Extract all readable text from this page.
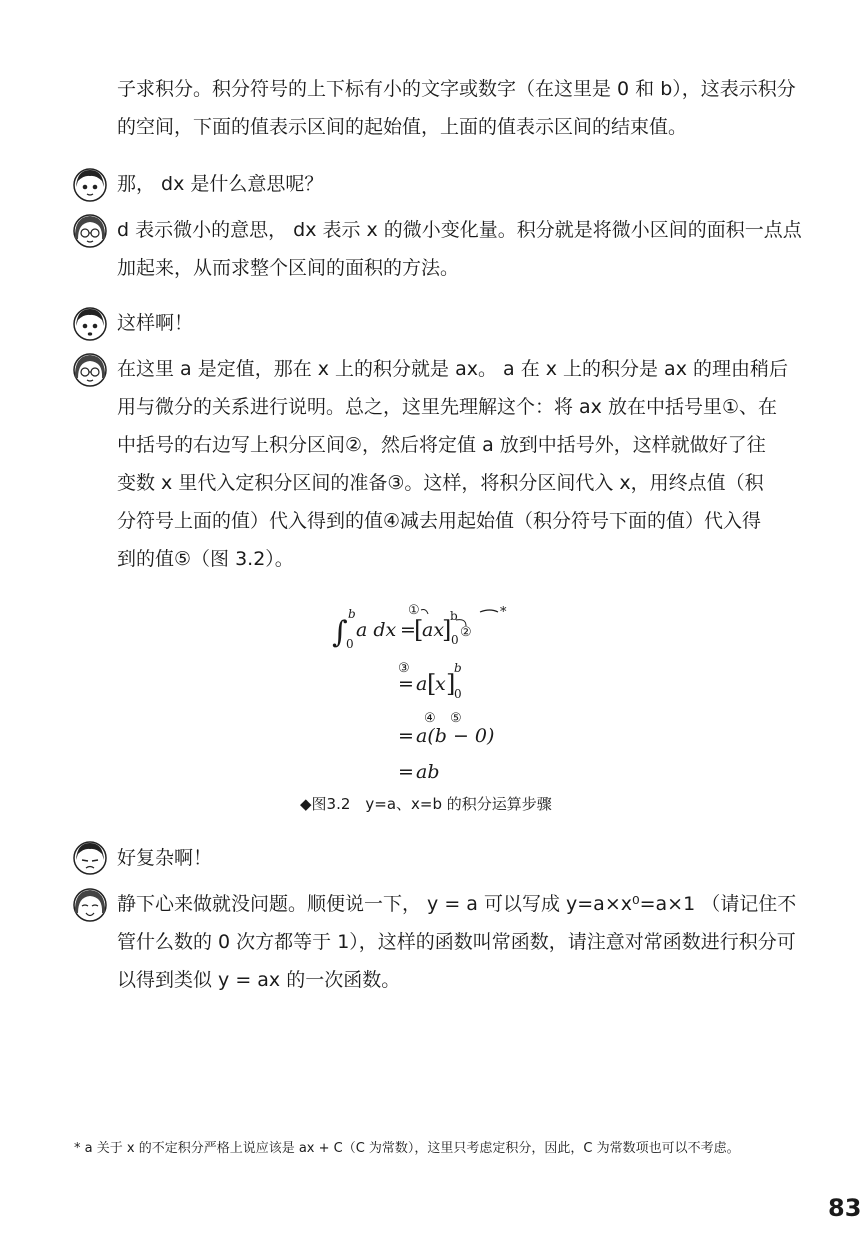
子求积分。积分符号的上下标有小的文字或数字（在这里是 0 和 b），这表示积分

的空间，下面的值表示区间的起始值，上面的值表示区间的结束值。

那， dx 是什么意思呢？

d 表示微小的意思， dx 表示 x 的微小变化量。积分就是将微小区间的面积一点点

加起来，从而求整个区间的面积的方法。

这样啊！

在这里 a 是定值，那在 x 上的积分就是 ax。 a 在 x 上的积分是 ax 的理由稍后

用与微分的关系进行说明。总之，这里先理解这个：将 ax 放在中括号里①、在

中括号的右边写上积分区间②，然后将定值 a 放到中括号外，这样就做好了往

变数 x 里代入定积分区间的准备③。这样，将积分区间代入 x，用终点值（积

分符号上面的值）代入得到的值④减去用起始值（积分符号下面的值）代入得

到的值⑤（图 3.2）。

∫
b
0
a dx =
[
ax
]
b
0
①
②
*
③
= a [
x ]
b
0
④ ⑤
= a(b − 0)
= ab
◆图3.2　y=a、x=b 的积分运算步骤

好复杂啊！

静下心来做就没问题。顺便说一下， y = a 可以写成 y=a×x⁰=a×1 （请记住不

管什么数的 0 次方都等于 1），这样的函数叫常函数，请注意对常函数进行积分可

以得到类似 y = ax 的一次函数。

* a 关于 x 的不定积分严格上说应该是 ax + C（C 为常数），这里只考虑定积分，因此，C 为常数项也可以不考虑。
83
